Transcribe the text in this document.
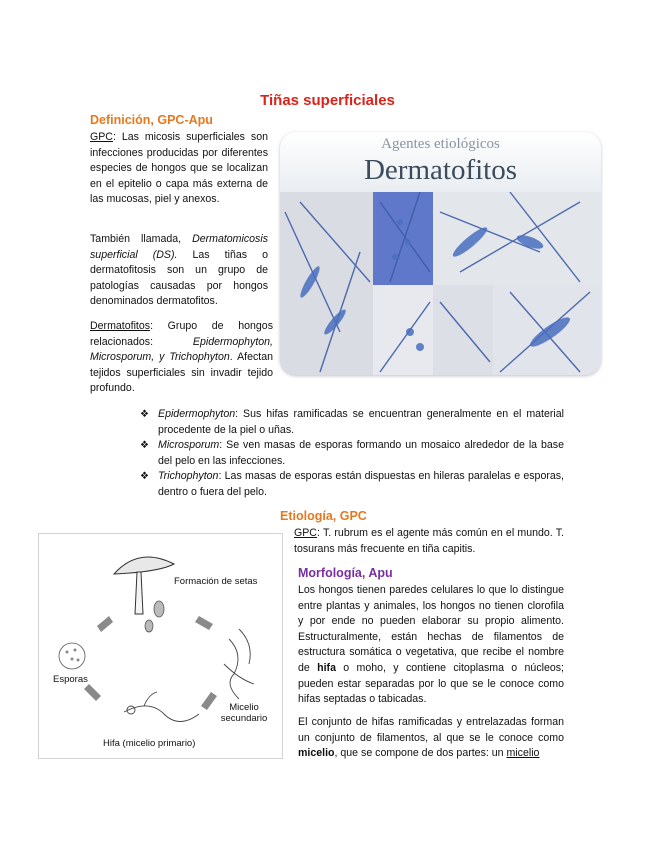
Tiñas superficiales
Definición, GPC-Apu
GPC: Las micosis superficiales son infecciones producidas por diferentes especies de hongos que se localizan en el epitelio o capa más externa de las mucosas, piel y anexos.
También llamada, Dermatomicosis superficial (DS). Las tiñas o dermatofitosis son un grupo de patologías causadas por hongos denominados dermatofitos.
Dermatofitos: Grupo de hongos relacionados: Epidermophyton, Microsporum, y Trichophyton. Afectan tejidos superficiales sin invadir tejido profundo.
Agentes etiológicos
Dermatofitos
❖ Epidermophyton: Sus hifas ramificadas se encuentran generalmente en el material procedente de la piel o uñas.
❖ Microsporum: Se ven masas de esporas formando un mosaico alrededor de la base del pelo en las infecciones.
❖ Trichophyton: Las masas de esporas están dispuestas en hileras paralelas e esporas, dentro o fuera del pelo.
Formación de setas
Esporas
Micelio secundario
Hifa (micelio primario)
Etiología, GPC
GPC: T. rubrum es el agente más común en el mundo. T. tosurans más frecuente en tiña capitis.
Morfología, Apu
Los hongos tienen paredes celulares lo que lo distingue entre plantas y animales, los hongos no tienen clorofila y por ende no pueden elaborar su propio alimento. Estructuralmente, están hechas de filamentos de estructura somática o vegetativa, que recibe el nombre de hifa o moho, y contiene citoplasma o núcleos; pueden estar separadas por lo que se le conoce como hifas septadas o tabicadas.
El conjunto de hifas ramificadas y entrelazadas forman un conjunto de filamentos, al que se le conoce como micelio, que se compone de dos partes: un micelio
